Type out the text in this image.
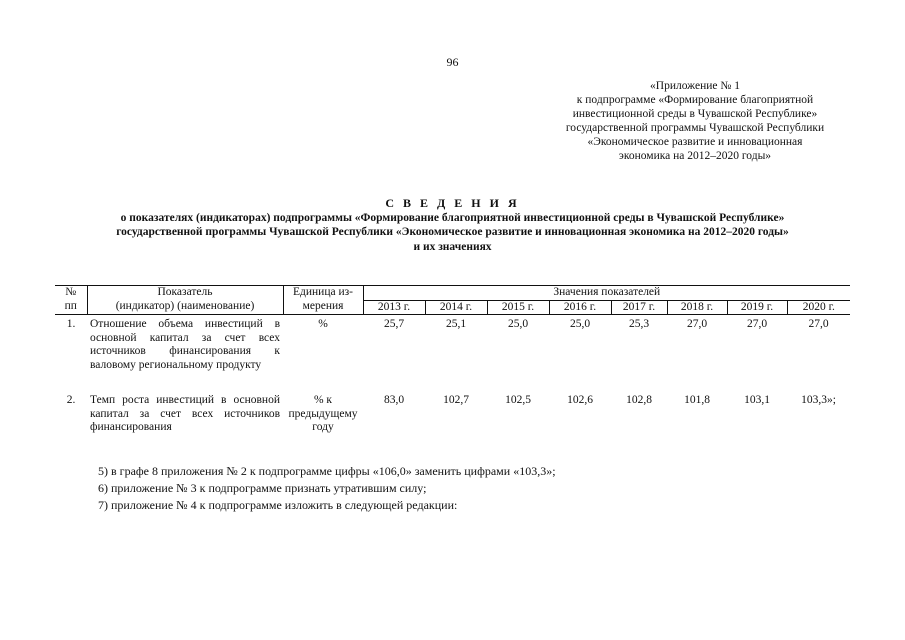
96
«Приложение № 1
к подпрограмме «Формирование благоприятной
инвестиционной среды в Чувашской Республике»
государственной программы Чувашской Республики
«Экономическое развитие и инновационная
экономика на 2012–2020 годы»
С В Е Д Е Н И Я
о показателях (индикаторах) подпрограммы «Формирование благоприятной инвестиционной среды в Чувашской Республике»
государственной программы Чувашской Республики «Экономическое развитие и инновационная экономика на 2012–2020 годы»
и их значениях
№	Показатель	Единица из-	Значения показателей							
пп	(индикатор) (наименование)	мерения	2013 г.	2014 г.	2015 г.	2016 г.	2017 г.	2018 г.	2019 г.	2020 г.
1.	Отношение объема инвестиций в основной капитал за счет всех источников финансирования к валовому региональному продукту	%	25,7	25,1	25,0	25,0	25,3	27,0	27,0	27,0
2.	Темп роста инвестиций в основной капитал за счет всех источников финансирования	% к предыдущему году	83,0	102,7	102,5	102,6	102,8	101,8	103,1	103,3»;
5) в графе 8 приложения № 2 к подпрограмме цифры «106,0» заменить цифрами «103,3»;
6) приложение № 3 к подпрограмме признать утратившим силу;
7) приложение № 4 к подпрограмме изложить в следующей редакции:
